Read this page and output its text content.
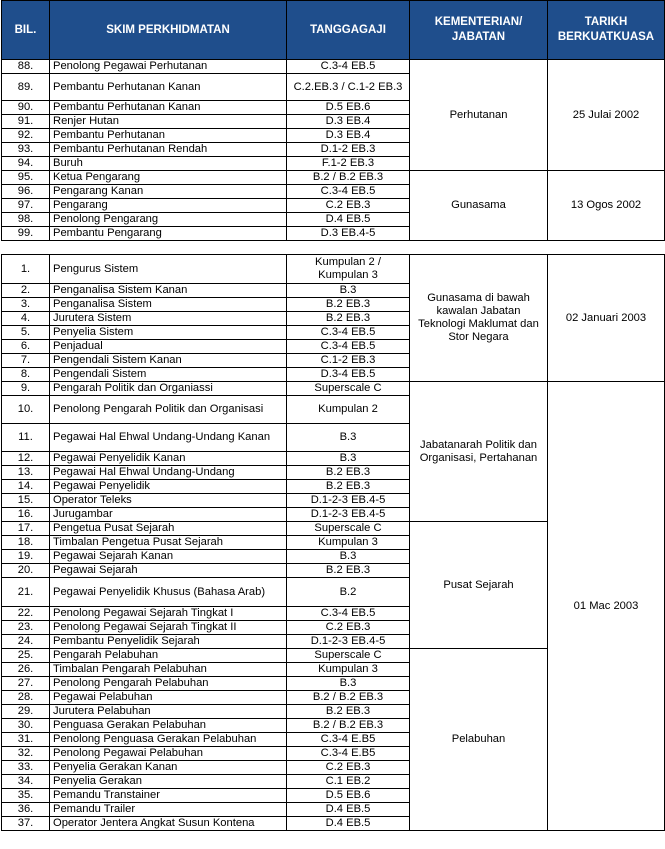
BIL.	SKIM PERKHIDMATAN	TANGGAGAJI	KEMENTERIAN/ JABATAN	TARIKH BERKUATKUASA
88.	Penolong Pegawai Perhutanan	C.3-4 EB.5	Perhutanan	25 Julai 2002
89.	Pembantu Perhutanan Kanan	C.2.EB.3 / C.1-2 EB.3		
90.	Pembantu Perhutanan Kanan	D.5 EB.6		
91.	Renjer Hutan	D.3 EB.4		
92.	Pembantu Perhutanan	D.3 EB.4		
93.	Pembantu Perhutanan Rendah	D.1-2 EB.3		
94.	Buruh	F.1-2 EB.3		
95.	Ketua Pengarang	B.2 / B.2 EB.3	Gunasama	13 Ogos 2002
96.	Pengarang Kanan	C.3-4 EB.5		
97.	Pengarang	C.2 EB.3		
98.	Penolong Pengarang	D.4 EB.5		
99.	Pembantu Pengarang	D.3 EB.4-5		

1.	Pengurus Sistem	Kumpulan 2 / Kumpulan 3	Gunasama di bawah kawalan Jabatan Teknologi Maklumat dan Stor Negara	02 Januari 2003
2.	Penganalisa Sistem Kanan	B.3		
3.	Penganalisa Sistem	B.2 EB.3		
4.	Jurutera Sistem	B.2 EB.3		
5.	Penyelia Sistem	C.3-4 EB.5		
6.	Penjadual	C.3-4 EB.5		
7.	Pengendali Sistem Kanan	C.1-2 EB.3		
8.	Pengendali Sistem	D.3-4 EB.5		
9.	Pengarah Politik dan Organiassi	Superscale C	Jabatanarah Politik dan Organisasi, Pertahanan	01 Mac 2003
10.	Penolong Pengarah Politik dan Organisasi	Kumpulan 2		
11.	Pegawai Hal Ehwal Undang-Undang Kanan	B.3		
12.	Pegawai Penyelidik Kanan	B.3		
13.	Pegawai Hal Ehwal Undang-Undang	B.2 EB.3		
14.	Pegawai Penyelidik	B.2 EB.3		
15.	Operator Teleks	D.1-2-3 EB.4-5		
16.	Jurugambar	D.1-2-3 EB.4-5		
17.	Pengetua Pusat Sejarah	Superscale C	Pusat Sejarah	
18.	Timbalan Pengetua Pusat Sejarah	Kumpulan 3		
19.	Pegawai Sejarah Kanan	B.3		
20.	Pegawai Sejarah	B.2 EB.3		
21.	Pegawai Penyelidik Khusus (Bahasa Arab)	B.2		
22.	Penolong Pegawai Sejarah Tingkat I	C.3-4 EB.5		
23.	Penolong Pegawai Sejarah Tingkat II	C.2 EB.3		
24.	Pembantu Penyelidik Sejarah	D.1-2-3 EB.4-5		
25.	Pengarah Pelabuhan	Superscale C	Pelabuhan	
26.	Timbalan Pengarah Pelabuhan	Kumpulan 3		
27.	Penolong Pengarah Pelabuhan	B.3		
28.	Pegawai Pelabuhan	B.2 / B.2 EB.3		
29.	Jurutera Pelabuhan	B.2 EB.3		
30.	Penguasa Gerakan Pelabuhan	B.2 / B.2 EB.3		
31.	Penolong Penguasa Gerakan Pelabuhan	C.3-4 E.B5		
32.	Penolong Pegawai Pelabuhan	C.3-4 E.B5		
33.	Penyelia Gerakan Kanan	C.2 EB.3		
34.	Penyelia Gerakan	C.1 EB.2		
35.	Pemandu Transtainer	D.5 EB.6		
36.	Pemandu Trailer	D.4 EB.5		
37.	Operator Jentera Angkat Susun Kontena	D.4 EB.5		
